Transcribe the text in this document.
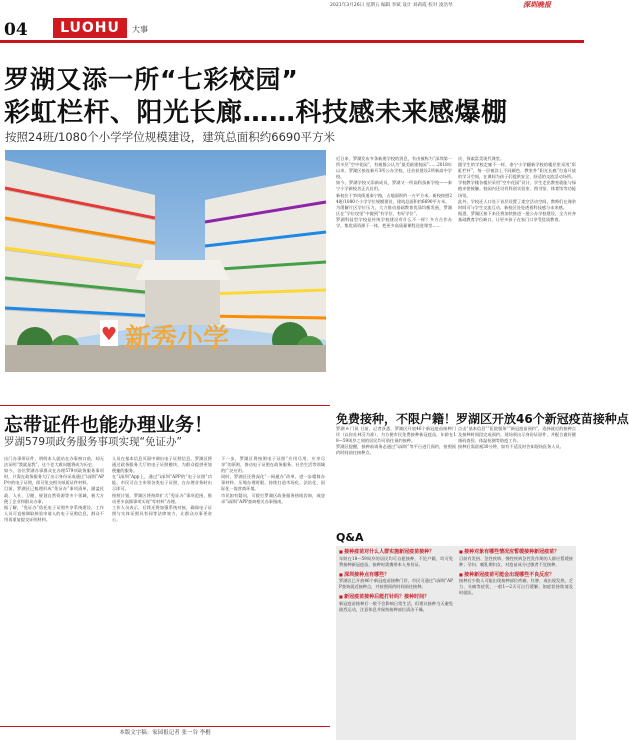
04	LUOHU	大事
2021年3月26日 星期五 编辑 李斌 设计 刘莉霞 校对 凌浩琴	深圳晚报
罗湖又添一所“七彩校园”
彩虹栏杆、阳光长廊……科技感未来感爆棚
按照24班/1080个小学学位规模建设，建筑总面积约6690平方米
♥ 新秀小学

近日来，罗湖发布多条新建学校的消息，有由被称为“深圳第一所多层“空中花园”，有被都公认为“最美新建校园”……2018年以来，罗湖区接连新开3所公办学校，还首获建设2所新高中学校。

如今，罗湖学校又添新成员，罗湖又一所高科技新学校——泰宁小学新校舍正式启用。

新校位于笋岗街道泰宁路，占地面积约一万平方米。新校按照24班/1080个小学学位规模建设，建筑总面积约6690平方米。

为缓解片区学位压力，大力推动基础教育优质均衡发展，罗湖区在“学位攻坚”中做到“有学位、有好学位”。

罗湖科技型学校是传统学校建设有什么不一样？多方合作办学，集优质资源于一体，把更多高质量课程送进课堂……

庆、探索富美现代课堂。

跟学生的学校走廊不一样，泰宁小学翻新学校的楼层里采用“彩虹栏杆”，每一层被涂上不同颜色，教室外“阳光长廊”打造开放的学习空间，在课间为孩子们提供安全、舒适的交流活动场所。

学校教学楼各楼层采用“空中花园”设计，学生走出教室就能与绿植亲密接触。校园内还设有科创实验室、图书馆、体育馆等功能场馆。

此外，学校还人口处于首层设置了架空活动空间，教师们在课余时间可与学生交流互动，新校区处处透着科技感与未来感。

据悉，罗湖区接下来还将加快推进一批公办学校建设，全力补齐基础教育学位缺口，让更多孩子在家门口享受优质教育。

忘带证件也能办理业务！
罗湖579项政务服务事项实现“免证办”

出门办事带证件，明明本人就站在办事窗口前，却无法证明“我就是我”。这个老大难问题将成为历史。

如今，各位罗湖办事群众在办理579项政务服务事项时，只需在政务服务大厅出示身份证或通过“i深圳”APP中的电子证照，即可免交相关纸质证件材料。

目前，罗湖区已梳理形成“免证办”事项清单，涵盖民政、人社、卫健、规划自然资源等多个领域，极大方便了企业和群众办事。

据了解，“免证办”依托电子证照共享系统建设，工作人员可直接调取核验申请人的电子证照信息，群众不用再重复提交证明材料。

人员在基本信息页面中调出电子证照信息，罗湖区将通过政务服务大厅的电子证照模块，为群众提供更加便捷的服务。

在“i深圳”App上，通过“i深圳”APP的“电子证照”功能，市民可自主申领各类电子证照，在办理业务时出示即可。

按照计划，罗湖区将持续扩大“免证办”事项范围，推动更多高频事项实现“零材料”办理。

工作人员表示，后续还将加强系统对接，确保电子证照与实体证照具有同等法律效力，让群众办事更省心。

下一步，罗湖区将按照电子证照“应用尽用、应享尽享”的原则，推动电子证照在政务服务、社会生活等领域的广泛应用。

同时，罗湖区还将深化“一网通办”改革，进一步精简办事材料、压缩办理时限，持续打造市场化、法治化、国际化一流营商环境。

市民如有疑问，可拨打罗湖区政务服务热线咨询，或登录“i深圳”APP查询相关办事指南。

本版文字稿：家园报记者 张一谷 李楷
免费接种，不限户籍！罗湖区开放46个新冠疫苗接种点

罗湖 e 门讯 日前，记者获悉，罗湖区开放46个新冠疫苗接种门诊（以你社林芬为准），为方便市民免费接种新冠疫苗，年龄在18—59周岁之间的居民均可前往预约接种。

罗湖区提醒，接种前请务必通过“i深圳”等平台进行预约，按照预约时间前往接种点。

点击“基本信息”“医院服务”“新冠疫苗预约”，选择就近的接种点及接种时间段完成预约。现场须出示身份证原件，并配合做好健康码查验、体温检测等防疫工作。

接种后需留观30分钟，如有不适及时告知现场医务人员。

Q&A
■ 接种疫苗对什么人群实施新冠疫苗接种？

年龄在18—59周岁的居民均可自愿接种，不论户籍，均可免费接种新冠疫苗，接种时需携带本人身份证。

■ 深圳接种点有哪些？

罗湖区已开放46个新冠疫苗接种门诊，市民可通过“i深圳”APP查询就近接种点，并按照预约时间前往接种。

■ 新冠疫苗接种后能打针吗？接种时间？

新冠疫苗接种后一般不会影响日常生活，但建议接种当天避免剧烈运动，注意休息并保持接种部位清洁干燥。

■ 接种对象有哪些情况应暂缓接种新冠疫苗？

目前有发热、急性疾病、慢性疾病急性发作期的人群应暂缓接种；孕妇、哺乳期妇女、对疫苗成分过敏者不宜接种。

■ 接种新冠疫苗可能会出现哪些不良反应？

接种后少数人可能出现接种部位疼痛、红肿，或出现发热、乏力、头痛等症状，一般1—2天可自行缓解，如症状持续请及时就医。
